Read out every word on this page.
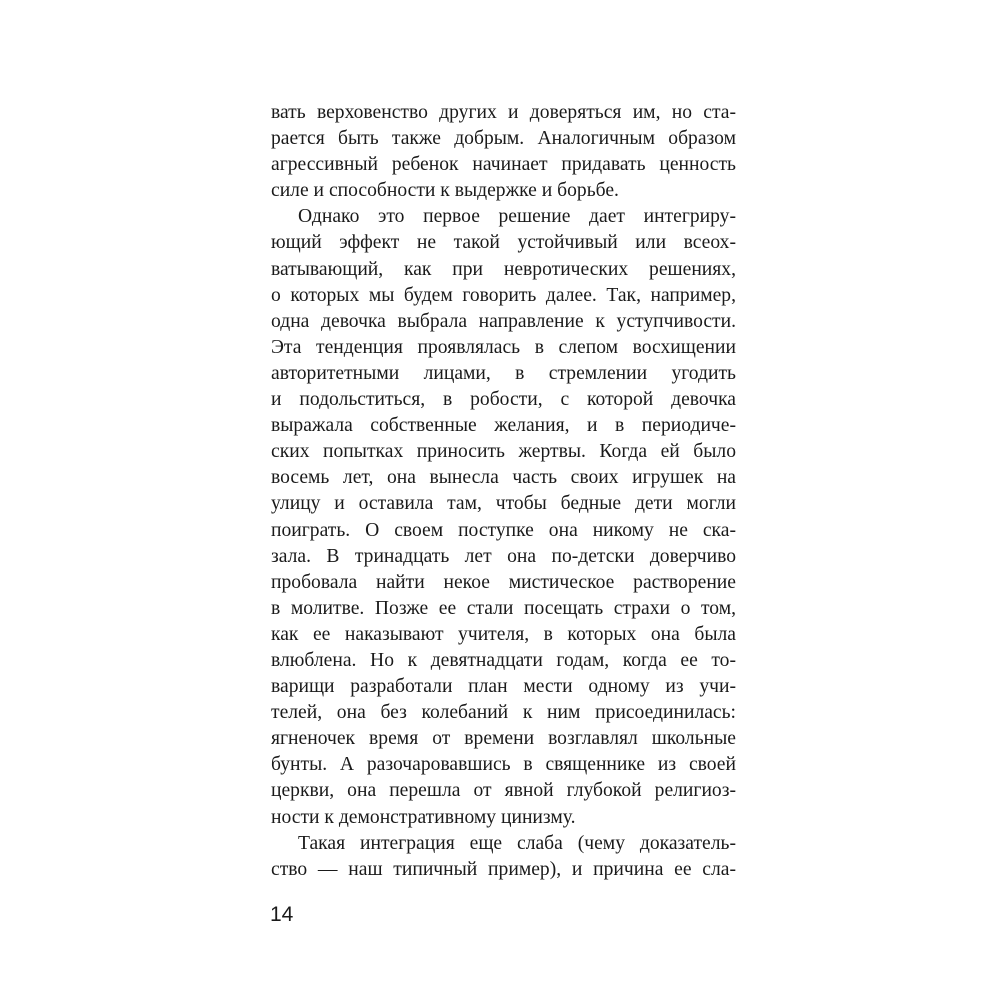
вать верховенство других и доверяться им, но ста-
рается быть также добрым. Аналогичным образом
агрессивный ребенок начинает придавать ценность
силе и способности к выдержке и борьбе.
Однако это первое решение дает интегриру-
ющий эффект не такой устойчивый или всеох-
ватывающий, как при невротических решениях,
о которых мы будем говорить далее. Так, например,
одна девочка выбрала направление к уступчивости.
Эта тенденция проявлялась в слепом восхищении
авторитетными лицами, в стремлении угодить
и подольститься, в робости, с которой девочка
выражала собственные желания, и в периодиче-
ских попытках приносить жертвы. Когда ей было
восемь лет, она вынесла часть своих игрушек на
улицу и оставила там, чтобы бедные дети могли
поиграть. О своем поступке она никому не ска-
зала. В тринадцать лет она по-детски доверчиво
пробовала найти некое мистическое растворение
в молитве. Позже ее стали посещать страхи о том,
как ее наказывают учителя, в которых она была
влюблена. Но к девятнадцати годам, когда ее то-
варищи разработали план мести одному из учи-
телей, она без колебаний к ним присоединилась:
ягненочек время от времени возглавлял школьные
бунты. А разочаровавшись в священнике из своей
церкви, она перешла от явной глубокой религиоз-
ности к демонстративному цинизму.
Такая интеграция еще слаба (чему доказатель-
ство — наш типичный пример), и причина ее сла-
14
